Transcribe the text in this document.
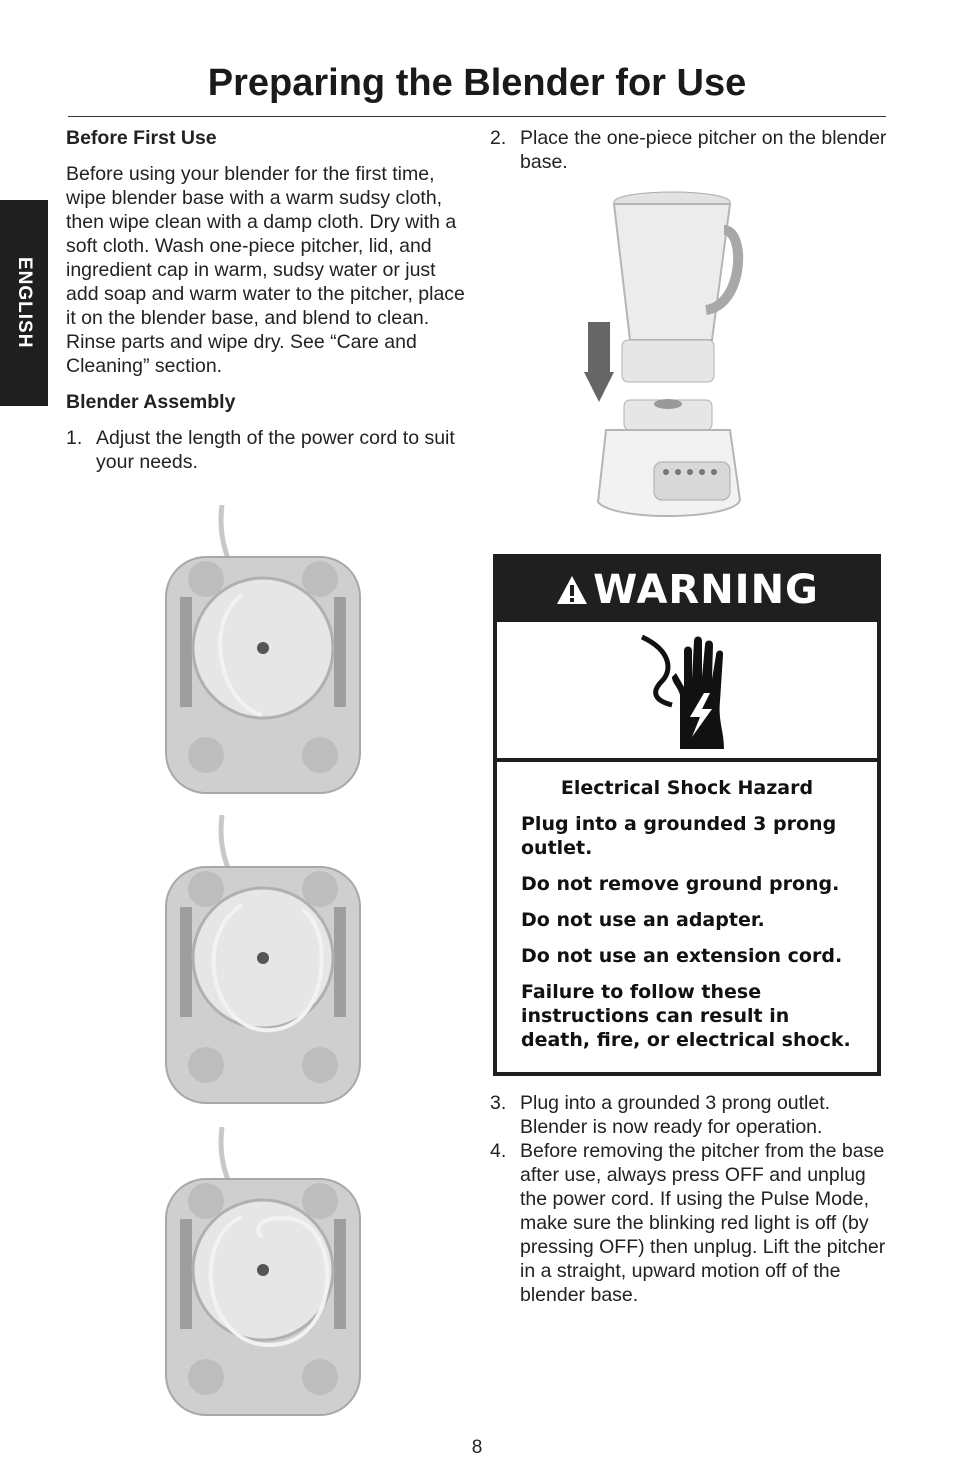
Preparing the Blender for Use
ENGLISH
Before First Use

Before using your blender for the first time, wipe blender base with a warm sudsy cloth, then wipe clean with a damp cloth. Dry with a soft cloth. Wash one-piece pitcher, lid, and ingredient cap in warm, sudsy water or just add soap and warm water to the pitcher, place it on the blender base, and blend to clean. Rinse parts and wipe dry. See “Care and Cleaning” section.

Blender Assembly
1. Adjust the length of the power cord to suit your needs.
2. Place the one-piece pitcher on the blender base.
WARNING
Electrical Shock Hazard
Plug into a grounded 3 prong outlet.
Do not remove ground prong.
Do not use an adapter.
Do not use an extension cord.
Failure to follow these instructions can result in death, fire, or electrical shock.
3. Plug into a grounded 3 prong outlet. Blender is now ready for operation.
4. Before removing the pitcher from the base after use, always press OFF and unplug the power cord. If using the Pulse Mode, make sure the blinking red light is off (by pressing OFF) then unplug. Lift the pitcher in a straight, upward motion off of the blender base.
8
